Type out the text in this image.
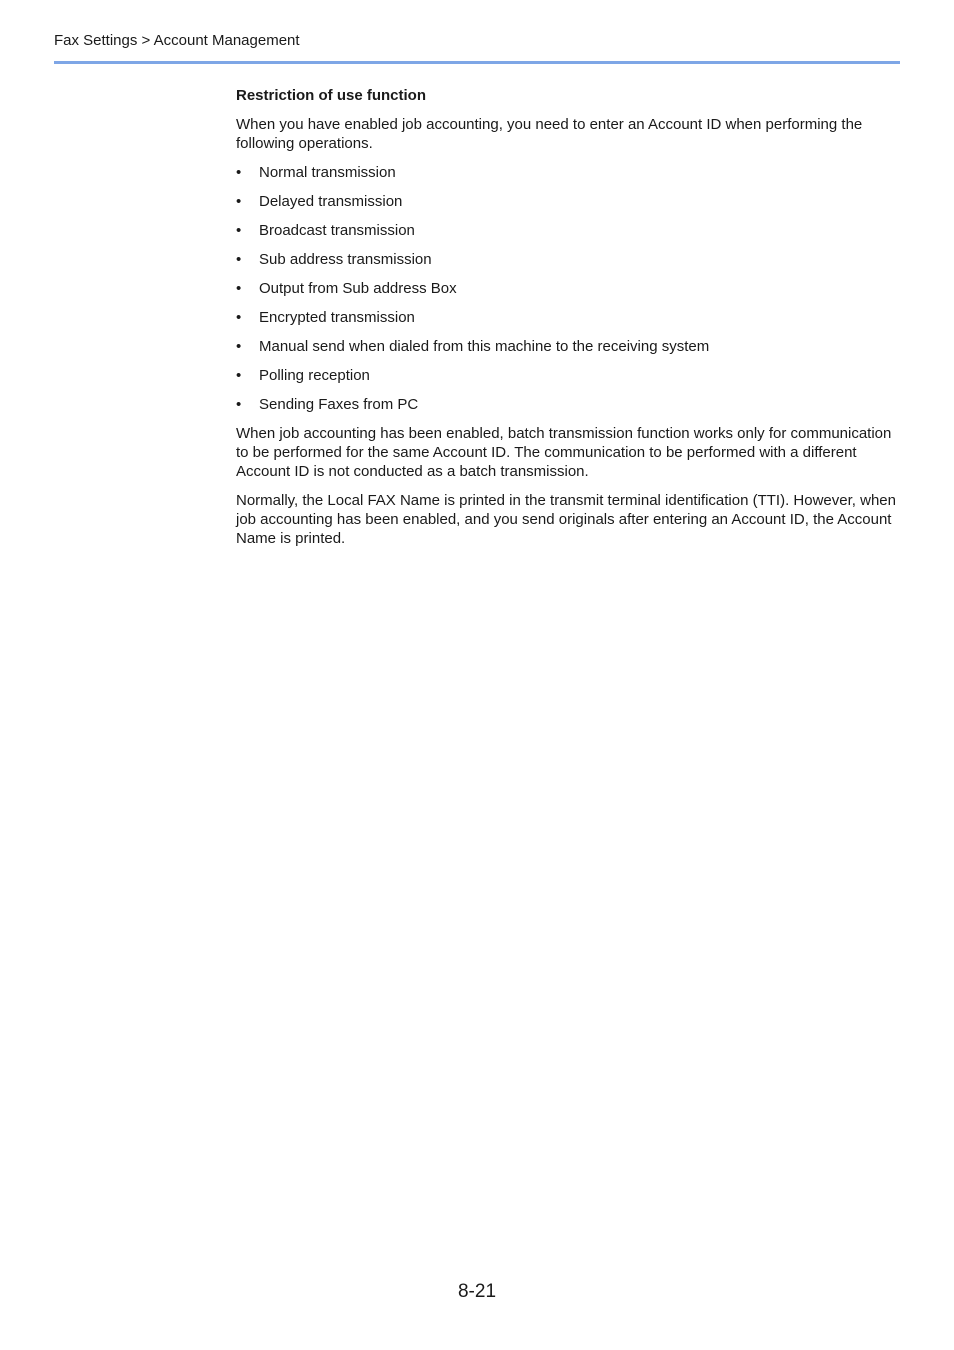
Fax Settings > Account Management
Restriction of use function

When you have enabled job accounting, you need to enter an Account ID when performing the following operations.

•	Normal transmission
•	Delayed transmission
•	Broadcast transmission
•	Sub address transmission
•	Output from Sub address Box
•	Encrypted transmission
•	Manual send when dialed from this machine to the receiving system
•	Polling reception
•	Sending Faxes from PC

When job accounting has been enabled, batch transmission function works only for communication to be performed for the same Account ID. The communication to be performed with a different Account ID is not conducted as a batch transmission.

Normally, the Local FAX Name is printed in the transmit terminal identification (TTI). However, when job accounting has been enabled, and you send originals after entering an Account ID, the Account Name is printed.

8-21
